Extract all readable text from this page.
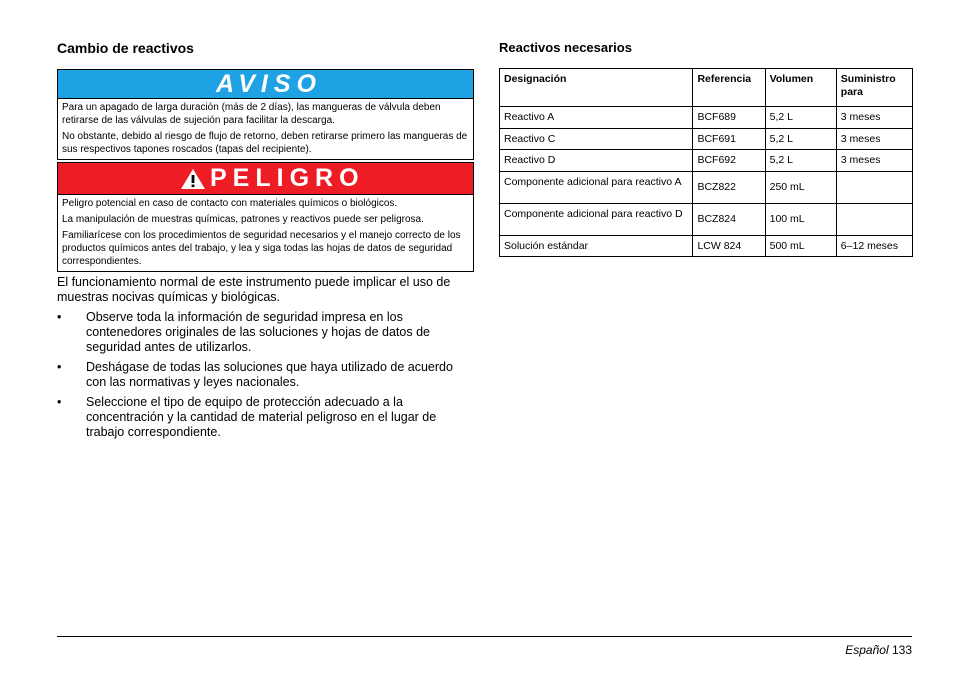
Cambio de reactivos
AVISO

Para un apagado de larga duración (más de 2 días), las mangueras de válvula deben retirarse de las válvulas de sujeción para facilitar la descarga.

No obstante, debido al riesgo de flujo de retorno, deben retirarse primero las mangueras de sus respectivos tapones roscados (tapas del recipiente).

PELIGRO

Peligro potencial en caso de contacto con materiales químicos o biológicos.

La manipulación de muestras químicas, patrones y reactivos puede ser peligrosa.

Familiarícese con los procedimientos de seguridad necesarios y el manejo correcto de los productos químicos antes del trabajo, y lea y siga todas las hojas de datos de seguridad correspondientes.

El funcionamiento normal de este instrumento puede implicar el uso de muestras nocivas químicas y biológicas.

• Observe toda la información de seguridad impresa en los contenedores originales de las soluciones y hojas de datos de seguridad antes de utilizarlos.
• Deshágase de todas las soluciones que haya utilizado de acuerdo con las normativas y leyes nacionales.
• Seleccione el tipo de equipo de protección adecuado a la concentración y la cantidad de material peligroso en el lugar de trabajo correspondiente.
Reactivos necesarios
Designación	Referencia	Volumen	Suministro para
Reactivo A	BCF689	5,2 L	3 meses
Reactivo C	BCF691	5,2 L	3 meses
Reactivo D	BCF692	5,2 L	3 meses
Componente adicional para reactivo A	BCZ822	250 mL	
Componente adicional para reactivo D	BCZ824	100 mL	
Solución estándar	LCW 824	500 mL	6–12 meses
Español 133
